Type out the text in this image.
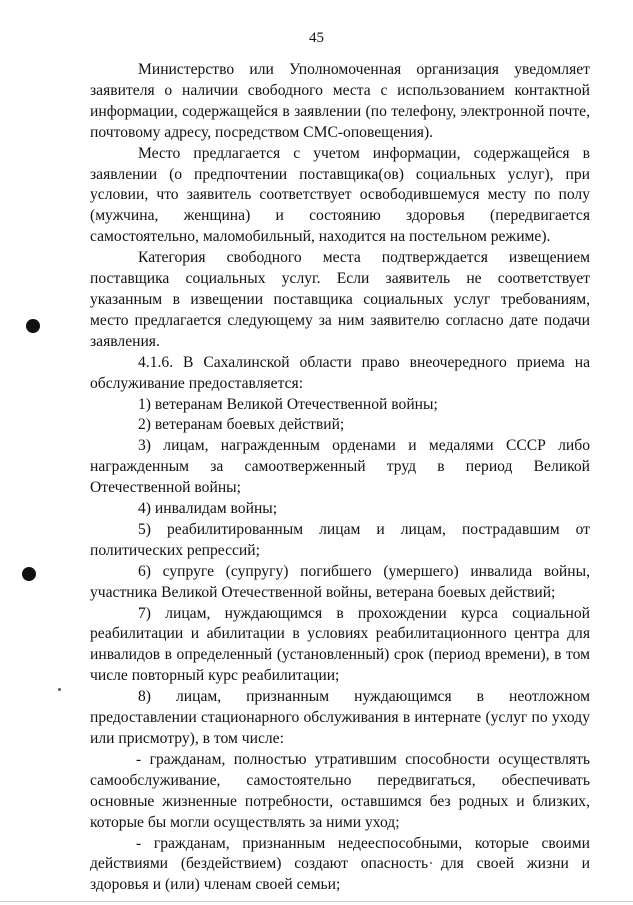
45

Министерство или Уполномоченная организация уведомляет заявителя о наличии свободного места с использованием контактной информации, содержащейся в заявлении (по телефону, электронной почте, почтовому адресу, посредством СМС-оповещения).

Место предлагается с учетом информации, содержащейся в заявлении (о предпочтении поставщика(ов) социальных услуг), при условии, что заявитель соответствует освободившемуся месту по полу (мужчина, женщина) и состоянию здоровья (передвигается самостоятельно, маломобильный, находится на постельном режиме).

Категория свободного места подтверждается извещением поставщика социальных услуг. Если заявитель не соответствует указанным в извещении поставщика социальных услуг требованиям, место предлагается следующему за ним заявителю согласно дате подачи заявления.

4.1.6. В Сахалинской области право внеочередного приема на обслуживание предоставляется:

1) ветеранам Великой Отечественной войны;

2) ветеранам боевых действий;

3) лицам, награжденным орденами и медалями СССР либо награжденным за самоотверженный труд в период Великой Отечественной войны;

4) инвалидам войны;

5) реабилитированным лицам и лицам, пострадавшим от политических репрессий;

6) супруге (супругу) погибшего (умершего) инвалида войны, участника Великой Отечественной войны, ветерана боевых действий;

7) лицам, нуждающимся в прохождении курса социальной реабилитации и абилитации в условиях реабилитационного центра для инвалидов в определенный (установленный) срок (период времени), в том числе повторный курс реабилитации;

8) лицам, признанным нуждающимся в неотложном предоставлении стационарного обслуживания в интернате (услуг по уходу или присмотру), в том числе:

- гражданам, полностью утратившим способности осуществлять самообслуживание, самостоятельно передвигаться, обеспечивать основные жизненные потребности, оставшимся без родных и близких, которые бы могли осуществлять за ними уход;

- гражданам, признанным недееспособными, которые своими действиями (бездействием) создают опасность для своей жизни и здоровья и (или) членам своей семьи;
